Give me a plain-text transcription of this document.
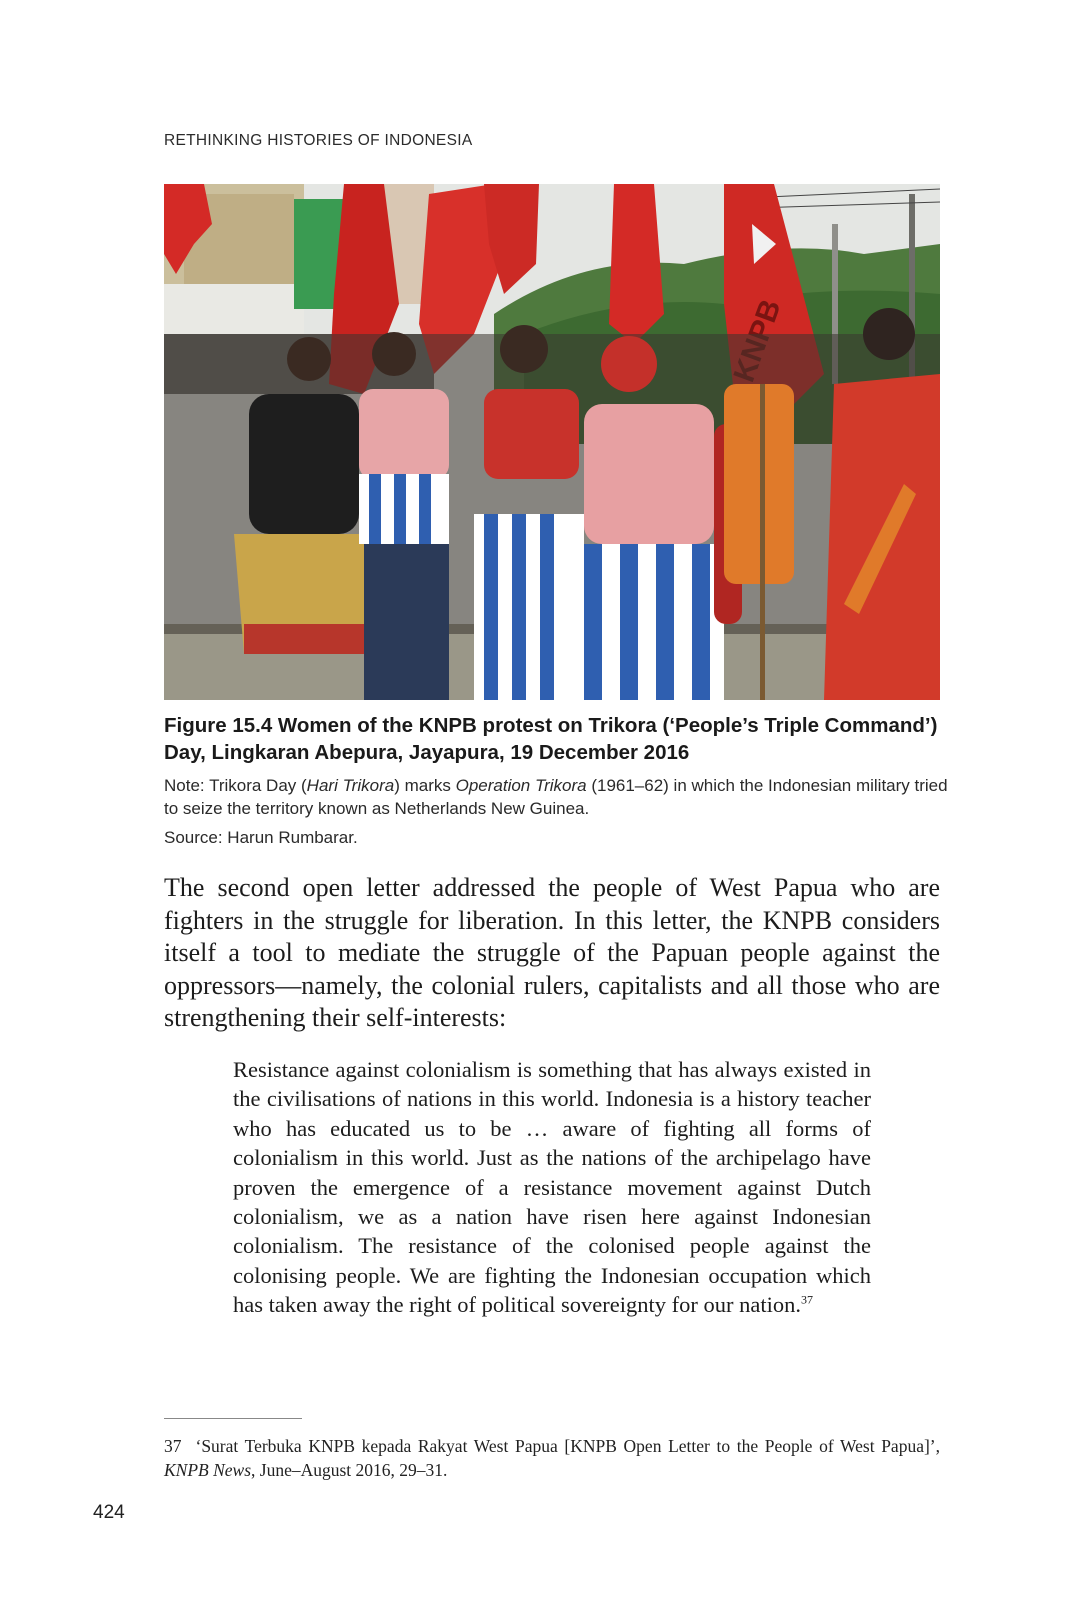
RETHINKING HISTORIES OF INDONESIA

Figure 15.4 Women of the KNPB protest on Trikora (‘People’s Triple Command’) Day, Lingkaran Abepura, Jayapura, 19 December 2016

Note: Trikora Day (Hari Trikora) marks Operation Trikora (1961–62) in which the Indonesian military tried to seize the territory known as Netherlands New Guinea.

Source: Harun Rumbarar.

The second open letter addressed the people of West Papua who are fighters in the struggle for liberation. In this letter, the KNPB considers itself a tool to mediate the struggle of the Papuan people against the oppressors—namely, the colonial rulers, capitalists and all those who are strengthening their self-interests:

Resistance against colonialism is something that has always existed in the civilisations of nations in this world. Indonesia is a history teacher who has educated us to be … aware of fighting all forms of colonialism in this world. Just as the nations of the archipelago have proven the emergence of a resistance movement against Dutch colonialism, we as a nation have risen here against Indonesian colonialism. The resistance of the colonised people against the colonising people. We are fighting the Indonesian occupation which has taken away the right of political sovereignty for our nation.$^{37}$

37 ‘Surat Terbuka KNPB kepada Rakyat West Papua [KNPB Open Letter to the People of West Papua]’, KNPB News, June–August 2016, 29–31.

424
